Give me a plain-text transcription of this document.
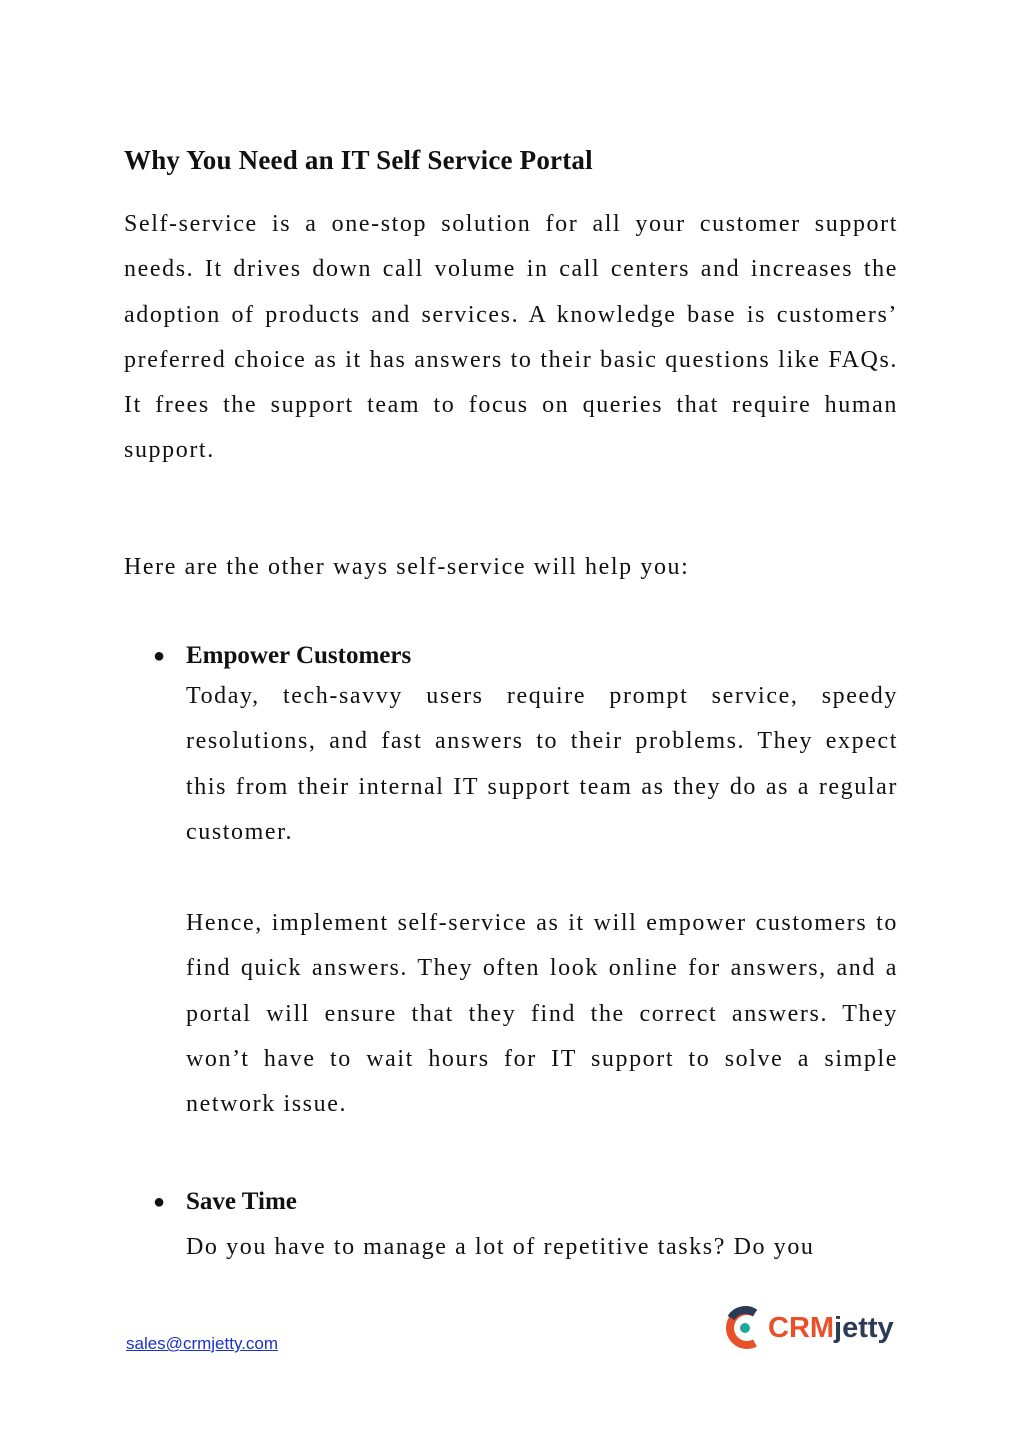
Why You Need an IT Self Service Portal

Self-service is a one-stop solution for all your customer support needs. It drives down call volume in call centers and increases the adoption of products and services. A knowledge base is customers’ preferred choice as it has answers to their basic questions like FAQs. It frees the support team to focus on queries that require human support.

Here are the other ways self-service will help you:

● Empower Customers

Today, tech-savvy users require prompt service, speedy resolutions, and fast answers to their problems. They expect this from their internal IT support team as they do as a regular customer.

Hence, implement self-service as it will empower customers to find quick answers. They often look online for answers, and a portal will ensure that they find the correct answers. They won’t have to wait hours for IT support to solve a simple network issue.

● Save Time

Do you have to manage a lot of repetitive tasks? Do you

sales@crmjetty.com	CRMjetty
